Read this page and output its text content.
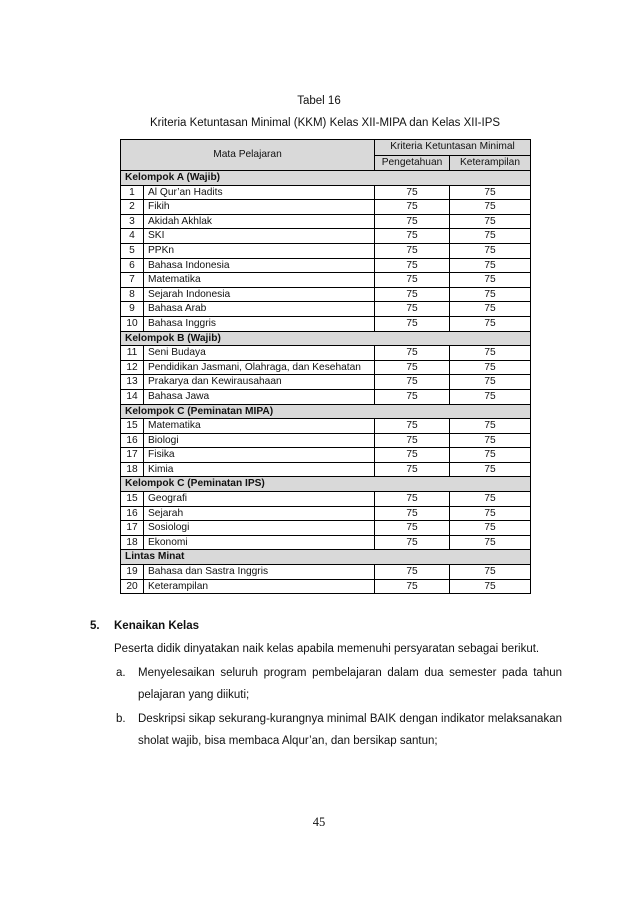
Tabel 16
Kriteria Ketuntasan Minimal (KKM) Kelas XII-MIPA dan Kelas XII-IPS
Mata Pelajaran		Kriteria Ketuntasan Minimal	
		Pengetahuan	Keterampilan
Kelompok A (Wajib)			
1	Al Qur’an Hadits	75	75
2	Fikih	75	75
3	Akidah Akhlak	75	75
4	SKI	75	75
5	PPKn	75	75
6	Bahasa Indonesia	75	75
7	Matematika	75	75
8	Sejarah Indonesia	75	75
9	Bahasa Arab	75	75
10	Bahasa Inggris	75	75
Kelompok B (Wajib)			
11	Seni Budaya	75	75
12	Pendidikan Jasmani, Olahraga, dan Kesehatan	75	75
13	Prakarya dan Kewirausahaan	75	75
14	Bahasa Jawa	75	75
Kelompok C (Peminatan MIPA)			
15	Matematika	75	75
16	Biologi	75	75
17	Fisika	75	75
18	Kimia	75	75
Kelompok C (Peminatan IPS)			
15	Geografi	75	75
16	Sejarah	75	75
17	Sosiologi	75	75
18	Ekonomi	75	75
Lintas Minat			
19	Bahasa dan Sastra Inggris	75	75
20	Keterampilan	75	75
5. Kenaikan Kelas
Peserta didik dinyatakan naik kelas apabila memenuhi persyaratan sebagai berikut.
a. Menyelesaikan seluruh program pembelajaran dalam dua semester pada tahun pelajaran yang diikuti;
b. Deskripsi sikap sekurang-kurangnya minimal BAIK dengan indikator melaksanakan sholat wajib, bisa membaca Alqur’an, dan bersikap santun;
45
